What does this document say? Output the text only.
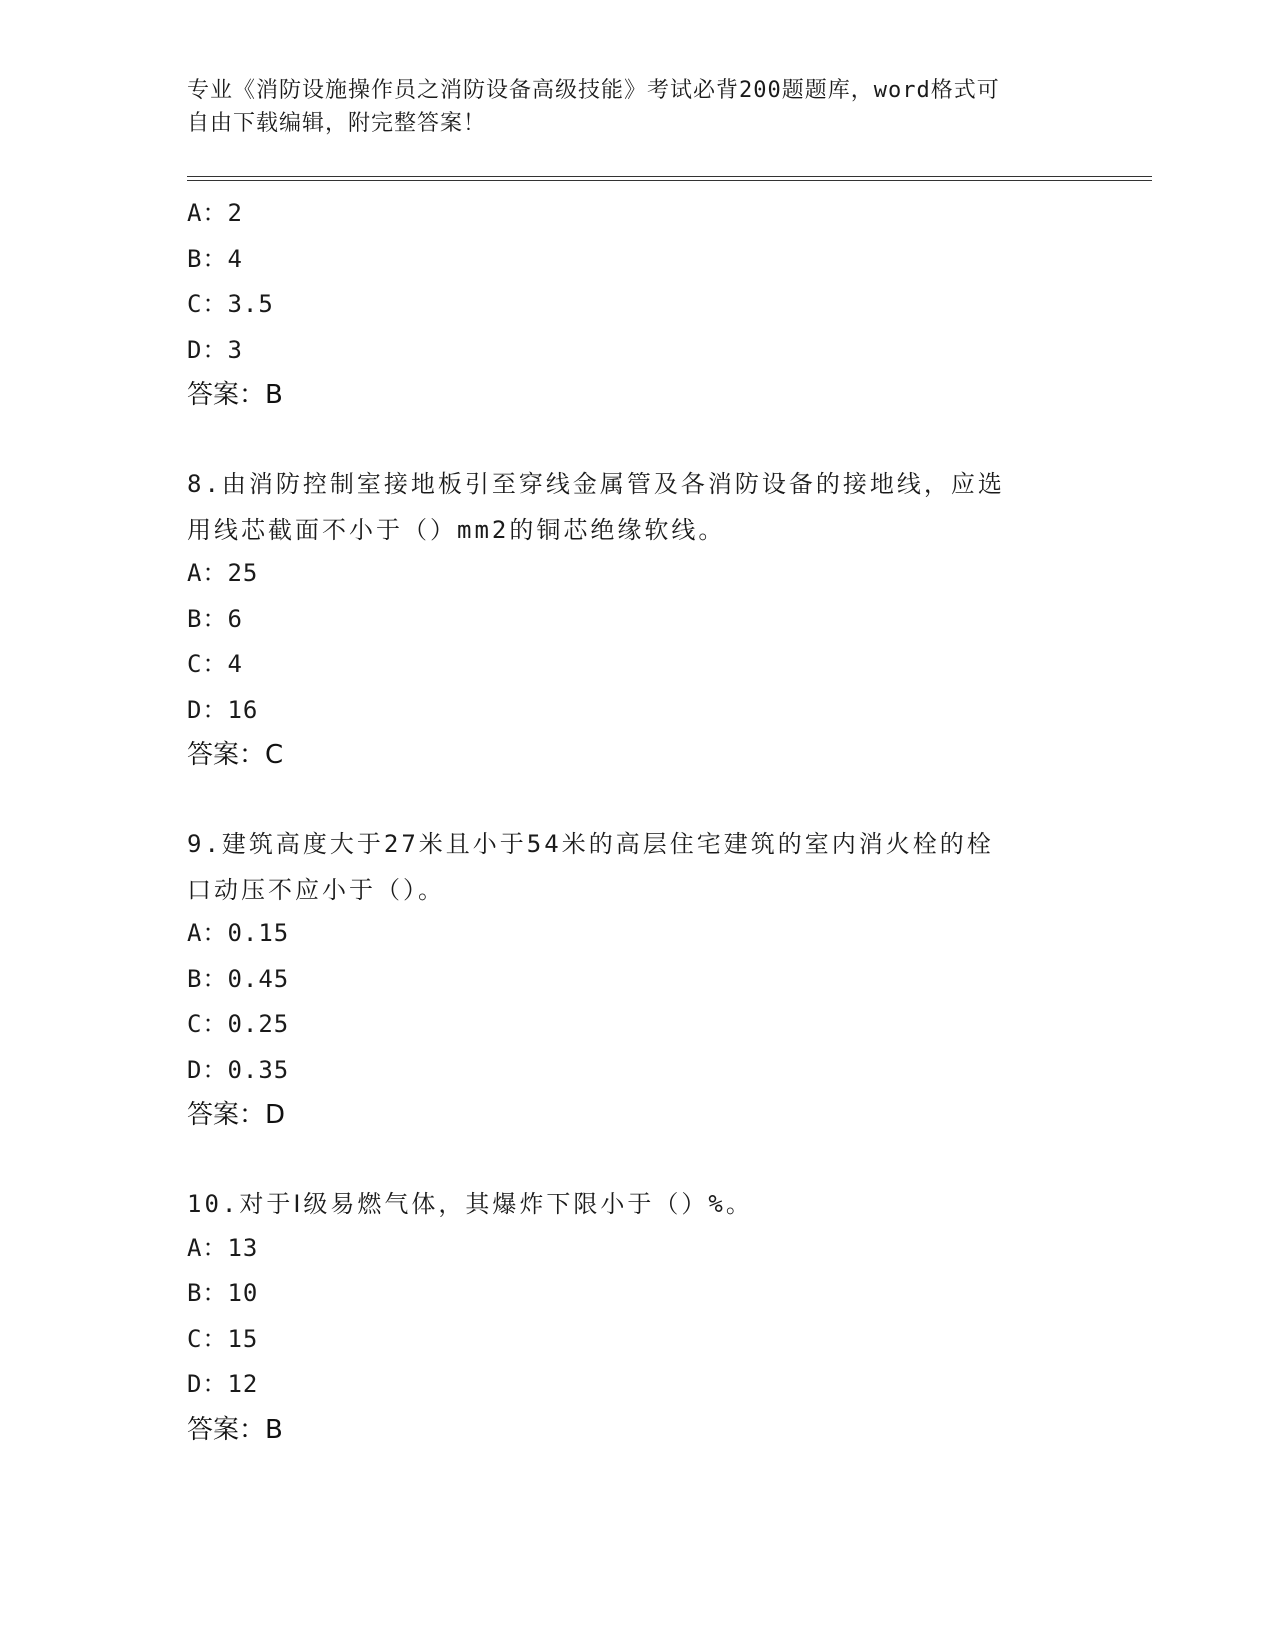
专业《消防设施操作员之消防设备高级技能》考试必背200题题库，word格式可
自由下载编辑，附完整答案！
A：2
B：4
C：3.5
D：3
答案：B
8.由消防控制室接地板引至穿线金属管及各消防设备的接地线，应选
用线芯截面不小于（）mm2的铜芯绝缘软线。
A：25
B：6
C：4
D：16
答案：C
9.建筑高度大于27米且小于54米的高层住宅建筑的室内消火栓的栓
口动压不应小于（）。
A：0.15
B：0.45
C：0.25
D：0.35
答案：D
10.对于Ⅰ级易燃气体，其爆炸下限小于（）%。
A：13
B：10
C：15
D：12
答案：B
